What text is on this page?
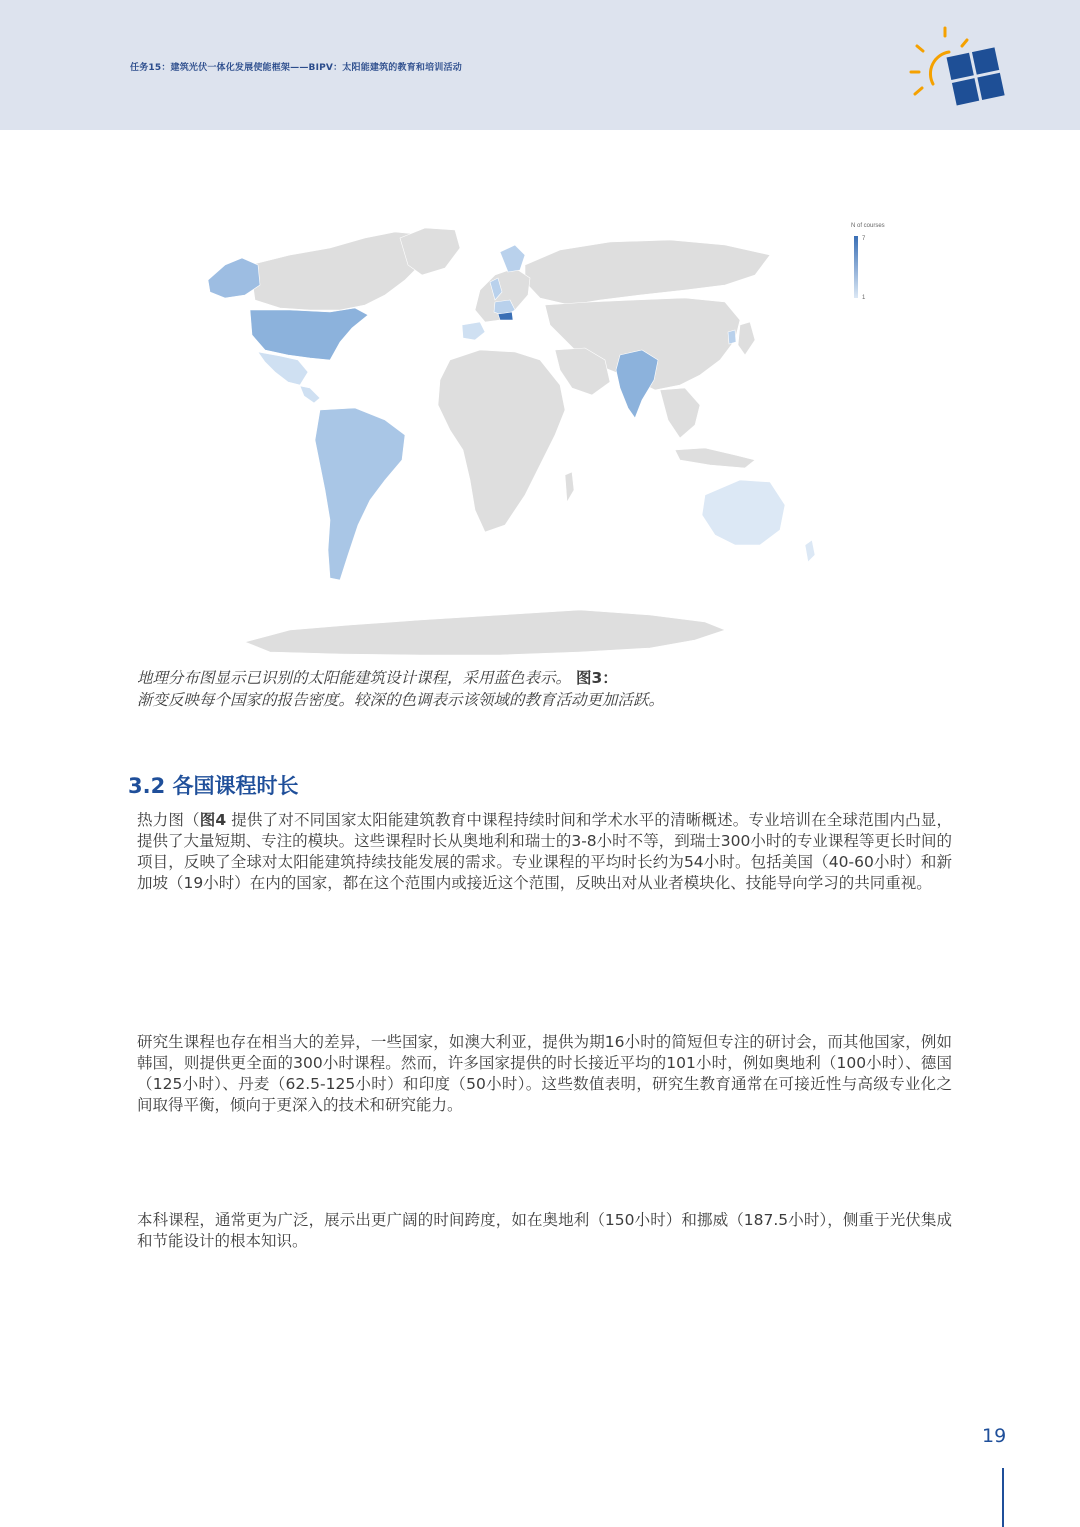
任务15：建筑光伏一体化发展使能框架——BIPV：太阳能建筑的教育和培训活动
N of courses
7
1
地理分布图显示已识别的太阳能建筑设计课程，采用蓝色表示。 图3：
渐变反映每个国家的报告密度。较深的色调表示该领域的教育活动更加活跃。
3.2 各国课程时长
热力图（图4 提供了对不同国家太阳能建筑教育中课程持续时间和学术水平的清晰概述。专业培训在全球范围内凸显，提供了大量短期、专注的模块。这些课程时长从奥地利和瑞士的3-8小时不等，到瑞士300小时的专业课程等更长时间的项目，反映了全球对太阳能建筑持续技能发展的需求。专业课程的平均时长约为54小时。包括美国（40-60小时）和新加坡（19小时）在内的国家，都在这个范围内或接近这个范围，反映出对从业者模块化、技能导向学习的共同重视。
研究生课程也存在相当大的差异，一些国家，如澳大利亚，提供为期16小时的简短但专注的研讨会，而其他国家，例如韩国，则提供更全面的300小时课程。然而，许多国家提供的时长接近平均的101小时，例如奥地利（100小时）、德国（125小时）、丹麦（62.5-125小时）和印度（50小时）。这些数值表明，研究生教育通常在可接近性与高级专业化之间取得平衡，倾向于更深入的技术和研究能力。
本科课程，通常更为广泛，展示出更广阔的时间跨度，如在奥地利（150小时）和挪威（187.5小时），侧重于光伏集成和节能设计的根本知识。
19
